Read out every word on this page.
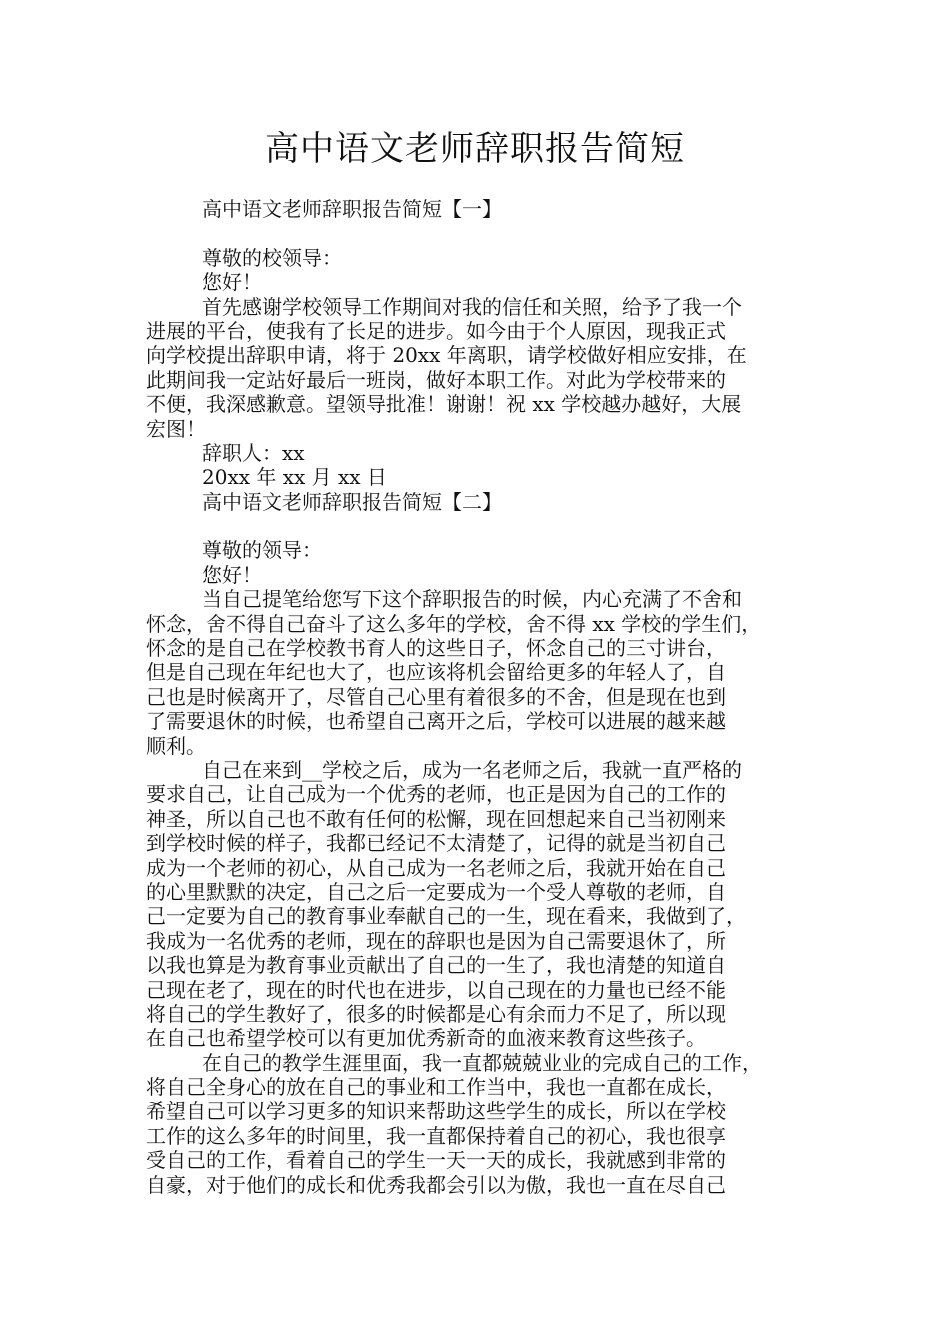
高中语文老师辞职报告简短
高中语文老师辞职报告简短【一】
尊敬的校领导：
您好！
首先感谢学校领导工作期间对我的信任和关照，给予了我一个
进展的平台，使我有了长足的进步。如今由于个人原因，现我正式
向学校提出辞职申请，将于 20xx 年离职，请学校做好相应安排，在
此期间我一定站好最后一班岗，做好本职工作。对此为学校带来的
不便，我深感歉意。望领导批准！谢谢！祝 xx 学校越办越好，大展
宏图！
辞职人：xx
20xx 年 xx 月 xx 日
高中语文老师辞职报告简短【二】
尊敬的领导：
您好！
当自己提笔给您写下这个辞职报告的时候，内心充满了不舍和
怀念，舍不得自己奋斗了这么多年的学校，舍不得 xx 学校的学生们，
怀念的是自己在学校教书育人的这些日子，怀念自己的三寸讲台，
但是自己现在年纪也大了，也应该将机会留给更多的年轻人了，自
己也是时候离开了，尽管自己心里有着很多的不舍，但是现在也到
了需要退休的时候，也希望自己离开之后，学校可以进展的越来越
顺利。
自己在来到__学校之后，成为一名老师之后，我就一直严格的
要求自己，让自己成为一个优秀的老师，也正是因为自己的工作的
神圣，所以自己也不敢有任何的松懈，现在回想起来自己当初刚来
到学校时候的样子，我都已经记不太清楚了，记得的就是当初自己
成为一个老师的初心，从自己成为一名老师之后，我就开始在自己
的心里默默的决定，自己之后一定要成为一个受人尊敬的老师，自
己一定要为自己的教育事业奉献自己的一生，现在看来，我做到了，
我成为一名优秀的老师，现在的辞职也是因为自己需要退休了，所
以我也算是为教育事业贡献出了自己的一生了，我也清楚的知道自
己现在老了，现在的时代也在进步，以自己现在的力量也已经不能
将自己的学生教好了，很多的时候都是心有余而力不足了，所以现
在自己也希望学校可以有更加优秀新奇的血液来教育这些孩子。
在自己的教学生涯里面，我一直都兢兢业业的完成自己的工作，
将自己全身心的放在自己的事业和工作当中，我也一直都在成长，
希望自己可以学习更多的知识来帮助这些学生的成长，所以在学校
工作的这么多年的时间里，我一直都保持着自己的初心，我也很享
受自己的工作，看着自己的学生一天一天的成长，我就感到非常的
自豪，对于他们的成长和优秀我都会引以为傲，我也一直在尽自己
